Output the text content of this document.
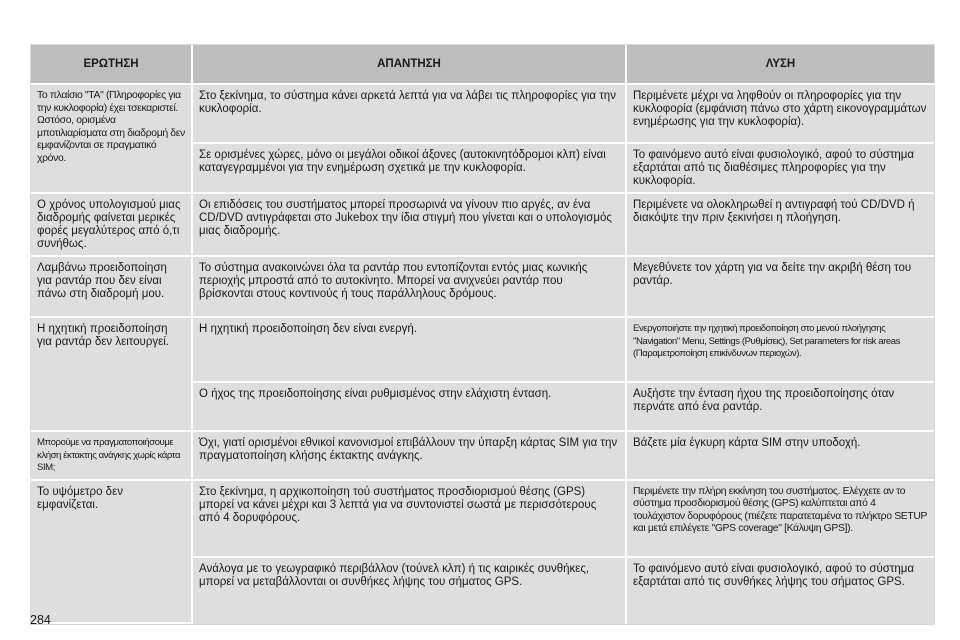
ΕΡΩΤΗΣΗ	ΑΠΑΝΤΗΣΗ	ΛΥΣΗ
Το πλαίσιο "TA" (Πληροφορίες για την κυκλοφορία) έχει τσεκαριστεί. Ωστόσο, ορισμένα μποτιλιαρίσματα στη διαδρομή δεν εμφανίζονται σε πραγματικό χρόνο.	Στο ξεκίνημα, το σύστημα κάνει αρκετά λεπτά για να λάβει τις πληροφορίες για την κυκλοφορία.	Περιμένετε μέχρι να ληφθούν οι πληροφορίες για την κυκλοφορία (εμφάνιση πάνω στο χάρτη εικονογραμμάτων ενημέρωσης για την κυκλοφορία).
	Σε ορισμένες χώρες, μόνο οι μεγάλοι οδικοί άξονες (αυτοκινητόδρομοι κλπ) είναι καταγεγραμμένοι για την ενημέρωση σχετικά με την κυκλοφορία.	Το φαινόμενο αυτό είναι φυσιολογικό, αφού το σύστημα εξαρτάται από τις διαθέσιμες πληροφορίες για την κυκλοφορία.
Ο χρόνος υπολογισμού μιας διαδρομής φαίνεται μερικές φορές μεγαλύτερος από ό,τι συνήθως.	Οι επιδόσεις του συστήματος μπορεί προσωρινά να γίνουν πιο αργές, αν ένα CD/DVD αντιγράφεται στο Jukebox την ίδια στιγμή που γίνεται και ο υπολογισμός μιας διαδρομής.	Περιμένετε να ολοκληρωθεί η αντιγραφή τού CD/DVD ή διακόψτε την πριν ξεκινήσει η πλοήγηση.
Λαμβάνω προειδοποίηση για ραντάρ που δεν είναι πάνω στη διαδρομή μου.	Το σύστημα ανακοινώνει όλα τα ραντάρ που εντοπίζονται εντός μιας κωνικής περιοχής μπροστά από το αυτοκίνητο. Μπορεί να ανιχνεύει ραντάρ που βρίσκονται στους κοντινούς ή τους παράλληλους δρόμους.	Μεγεθύνετε τον χάρτη για να δείτε την ακριβή θέση του ραντάρ.
Η ηχητική προειδοποίηση για ραντάρ δεν λειτουργεί.	Η ηχητική προειδοποίηση δεν είναι ενεργή.	Ενεργοποιήστε την ηχητική προειδοποίηση στο μενού πλοήγησης "Navigation" Menu, Settings (Ρυθμίσεις), Set parameters for risk areas (Παραμετροποίηση επικίνδυνων περιοχών).
	Ο ήχος της προειδοποίησης είναι ρυθμισμένος στην ελάχιστη ένταση.	Αυξήστε την ένταση ήχου της προειδοποίησης όταν περνάτε από ένα ραντάρ.
Μπορούμε να πραγματοποιήσουμε κλήση έκτακτης ανάγκης χωρίς κάρτα SIM;	Όχι, γιατί ορισμένοι εθνικοί κανονισμοί επιβάλλουν την ύπαρξη κάρτας SIM για την πραγματοποίηση κλήσης έκτακτης ανάγκης.	Βάζετε μία έγκυρη κάρτα SIM στην υποδοχή.
Το υψόμετρο δεν εμφανίζεται.	Στο ξεκίνημα, η αρχικοποίηση τού συστήματος προσδιορισμού θέσης (GPS) μπορεί να κάνει μέχρι και 3 λεπτά για να συντονιστεί σωστά με περισσότερους από 4 δορυφόρους.	Περιμένετε την πλήρη εκκίνηση του συστήματος. Ελέγχετε αν το σύστημα προσδιορισμού θέσης (GPS) καλύπτεται από 4 τουλάχιστον δορυφόρους (πιέζετε παρατεταμένα το πλήκτρο SETUP και μετά επιλέγετε "GPS coverage" [Κάλυψη GPS]).
	Ανάλογα με το γεωγραφικό περιβάλλον (τούνελ κλπ) ή τις καιρικές συνθήκες, μπορεί να μεταβάλλονται οι συνθήκες λήψης του σήματος GPS.	Το φαινόμενο αυτό είναι φυσιολογικό, αφού το σύστημα εξαρτάται από τις συνθήκες λήψης του σήματος GPS.
284
